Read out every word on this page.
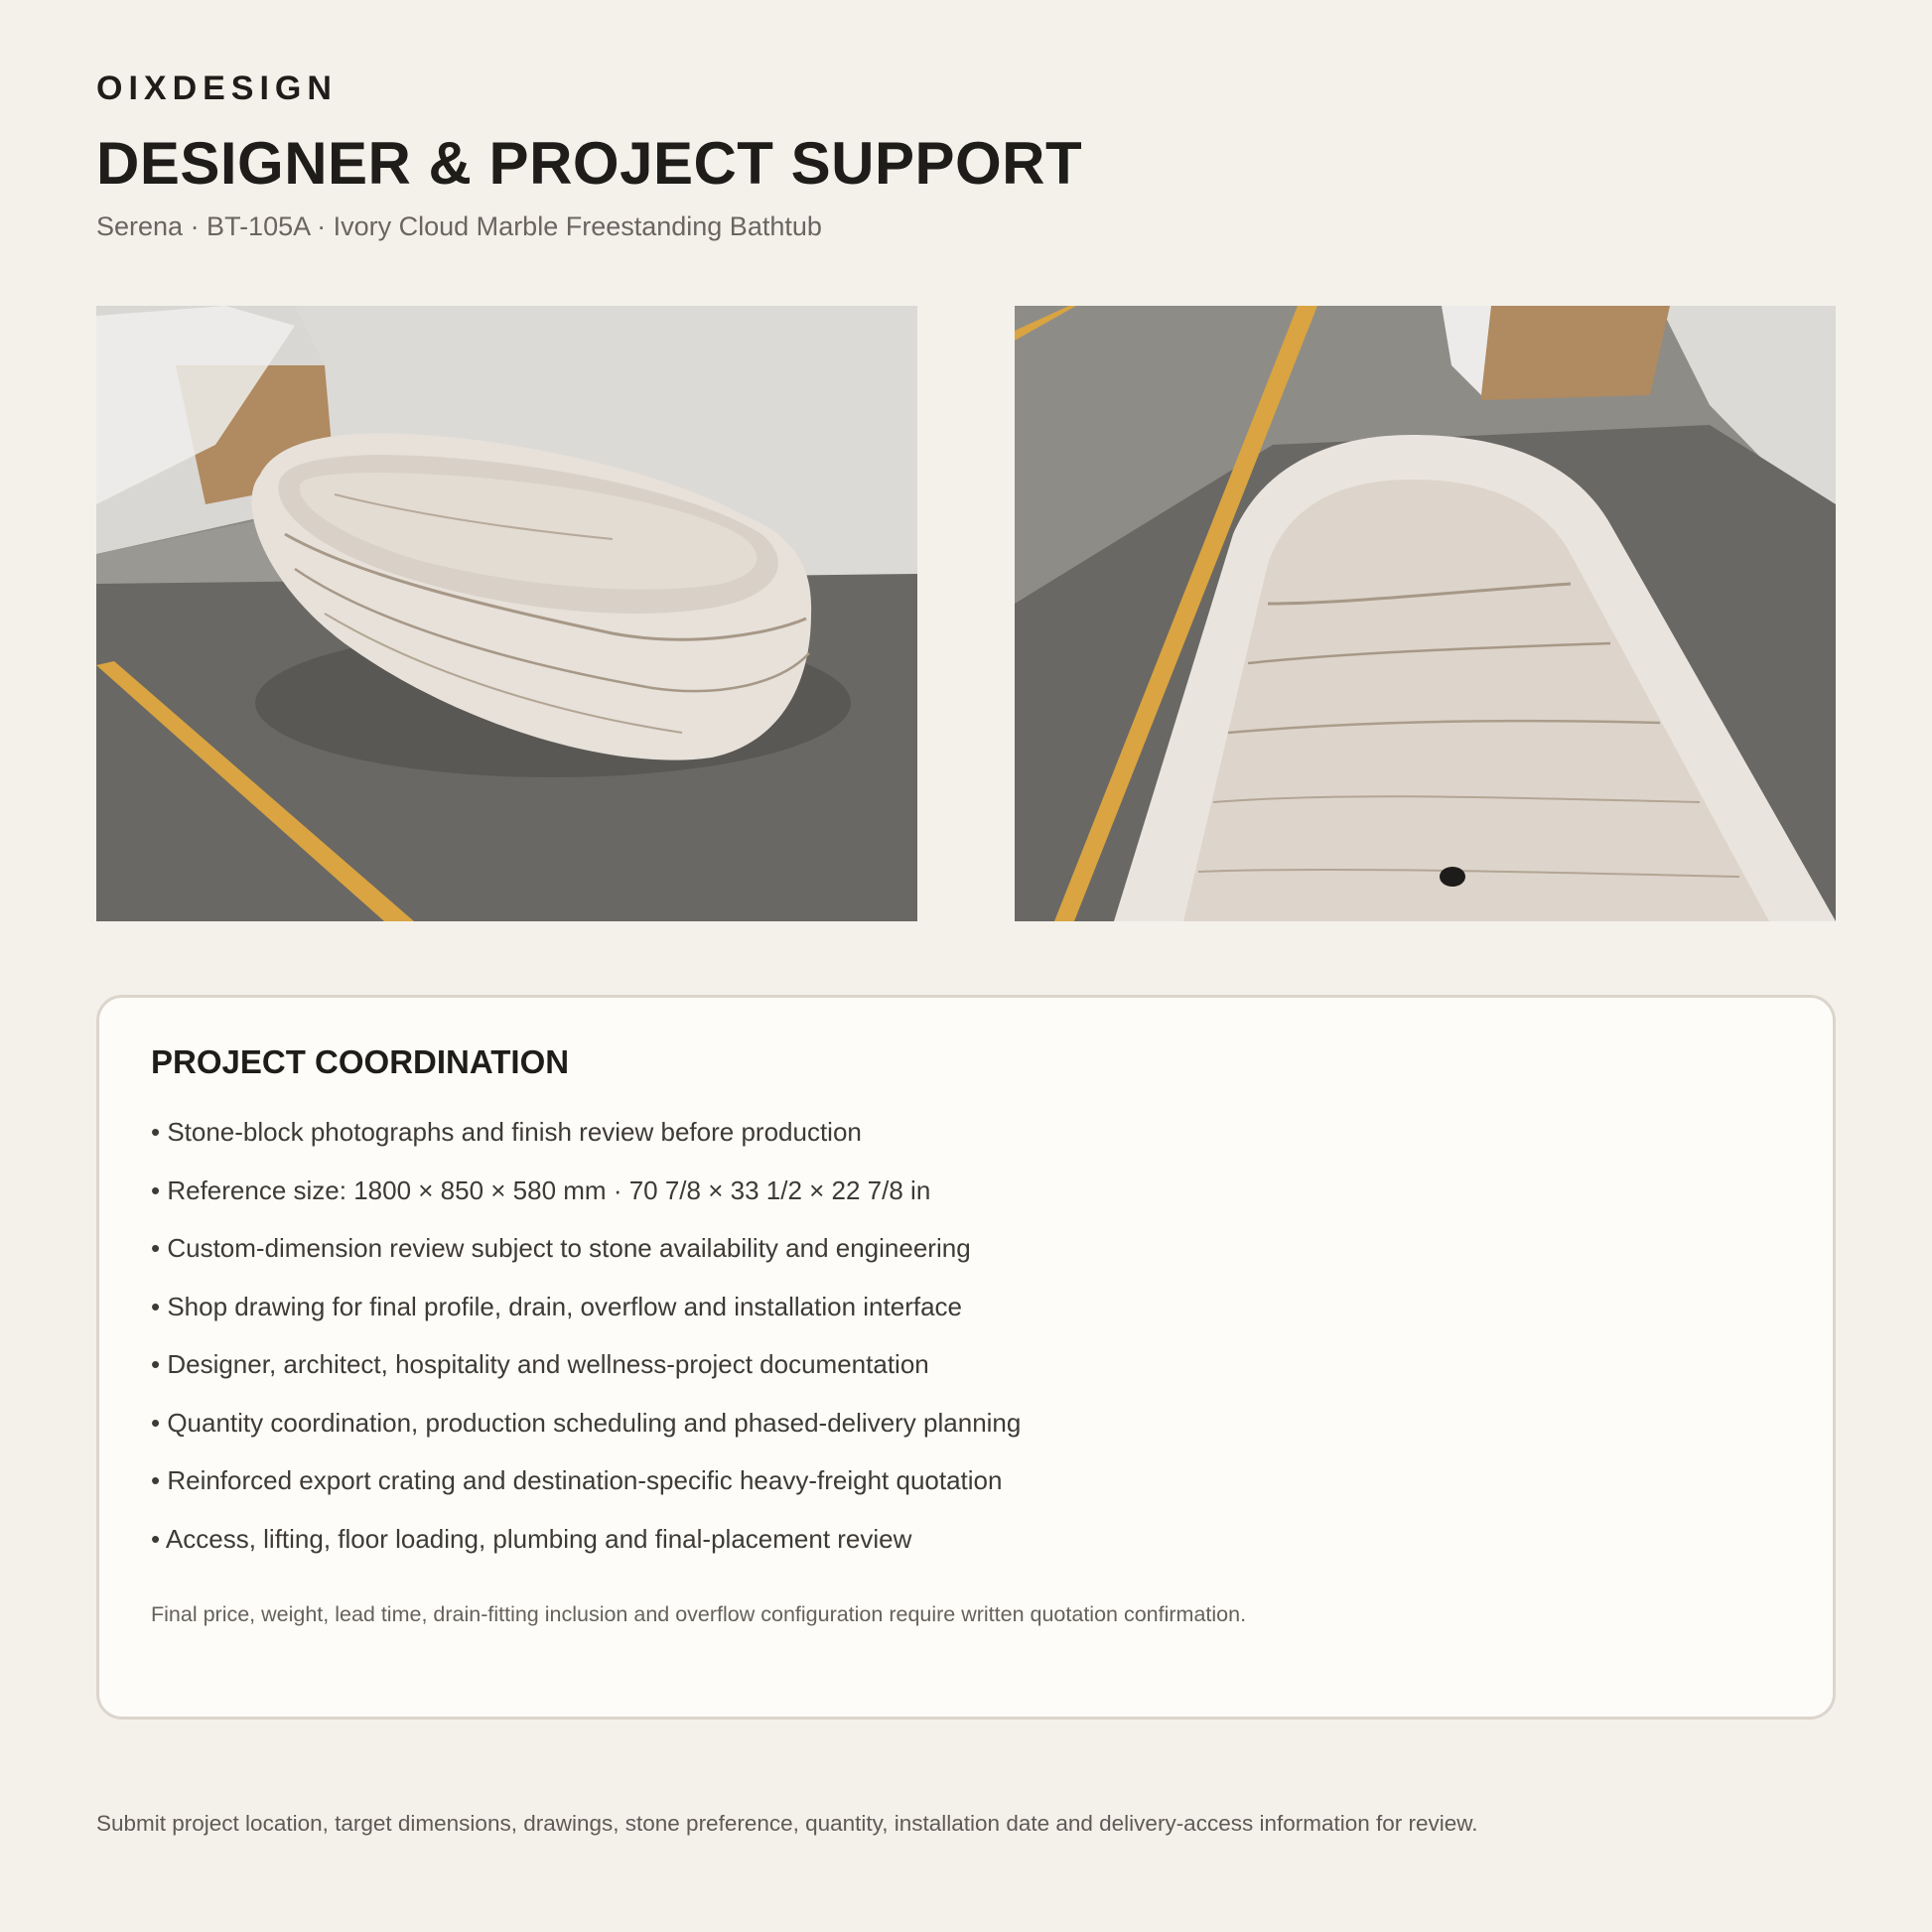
OIXDESIGN
DESIGNER & PROJECT SUPPORT
Serena · BT-105A · Ivory Cloud Marble Freestanding Bathtub
PROJECT COORDINATION
• Stone-block photographs and finish review before production
• Reference size: 1800 × 850 × 580 mm · 70 7/8 × 33 1/2 × 22 7/8 in
• Custom-dimension review subject to stone availability and engineering
• Shop drawing for final profile, drain, overflow and installation interface
• Designer, architect, hospitality and wellness-project documentation
• Quantity coordination, production scheduling and phased-delivery planning
• Reinforced export crating and destination-specific heavy-freight quotation
• Access, lifting, floor loading, plumbing and final-placement review

Final price, weight, lead time, drain-fitting inclusion and overflow configuration require written quotation confirmation.

Submit project location, target dimensions, drawings, stone preference, quantity, installation date and delivery-access information for review.
